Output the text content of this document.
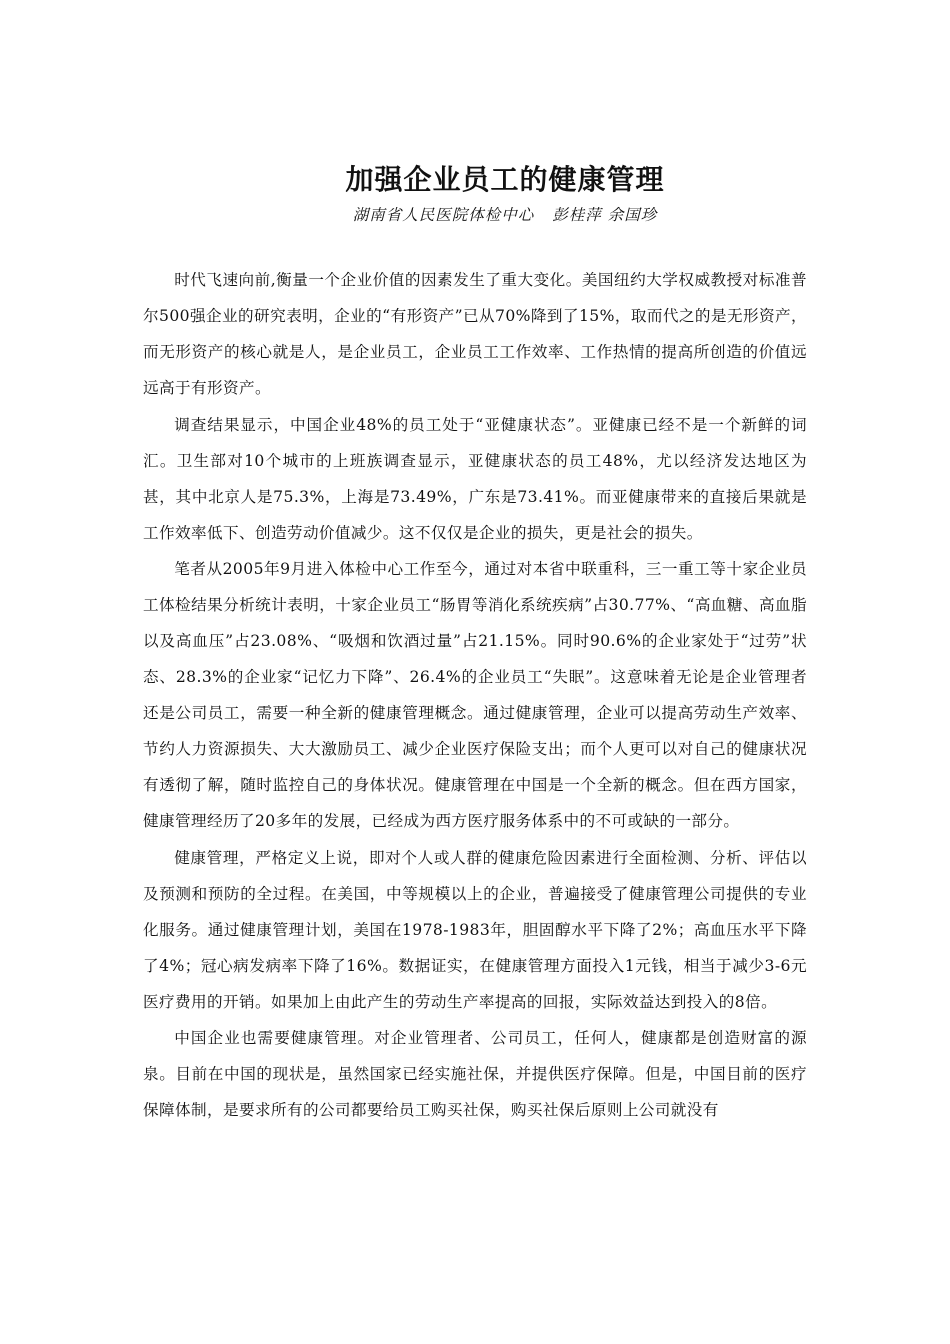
加强企业员工的健康管理
湖南省人民医院体检中心 彭桂萍 余国珍

时代飞速向前,衡量一个企业价值的因素发生了重大变化。美国纽约大学权威教授对标准普尔500强企业的研究表明，企业的“有形资产”已从70%降到了15%，取而代之的是无形资产，而无形资产的核心就是人，是企业员工，企业员工工作效率、工作热情的提高所创造的价值远远高于有形资产。

调查结果显示，中国企业48%的员工处于“亚健康状态”。亚健康已经不是一个新鲜的词汇。卫生部对10个城市的上班族调查显示，亚健康状态的员工48%，尤以经济发达地区为甚，其中北京人是75.3%，上海是73.49%，广东是73.41%。而亚健康带来的直接后果就是工作效率低下、创造劳动价值减少。这不仅仅是企业的损失，更是社会的损失。

笔者从2005年9月进入体检中心工作至今，通过对本省中联重科，三一重工等十家企业员工体检结果分析统计表明，十家企业员工“肠胃等消化系统疾病”占30.77%、“高血糖、高血脂以及高血压”占23.08%、“吸烟和饮酒过量”占21.15%。同时90.6%的企业家处于“过劳”状态、28.3%的企业家“记忆力下降”、26.4%的企业员工“失眠”。这意味着无论是企业管理者还是公司员工，需要一种全新的健康管理概念。通过健康管理，企业可以提高劳动生产效率、节约人力资源损失、大大激励员工、减少企业医疗保险支出；而个人更可以对自己的健康状况有透彻了解，随时监控自己的身体状况。健康管理在中国是一个全新的概念。但在西方国家，健康管理经历了20多年的发展，已经成为西方医疗服务体系中的不可或缺的一部分。

健康管理，严格定义上说，即对个人或人群的健康危险因素进行全面检测、分析、评估以及预测和预防的全过程。在美国，中等规模以上的企业，普遍接受了健康管理公司提供的专业化服务。通过健康管理计划，美国在1978-1983年，胆固醇水平下降了2%；高血压水平下降了4%；冠心病发病率下降了16%。数据证实，在健康管理方面投入1元钱，相当于减少3-6元医疗费用的开销。如果加上由此产生的劳动生产率提高的回报，实际效益达到投入的8倍。

中国企业也需要健康管理。对企业管理者、公司员工，任何人，健康都是创造财富的源泉。目前在中国的现状是，虽然国家已经实施社保，并提供医疗保障。但是，中国目前的医疗保障体制，是要求所有的公司都要给员工购买社保，购买社保后原则上公司就没有
